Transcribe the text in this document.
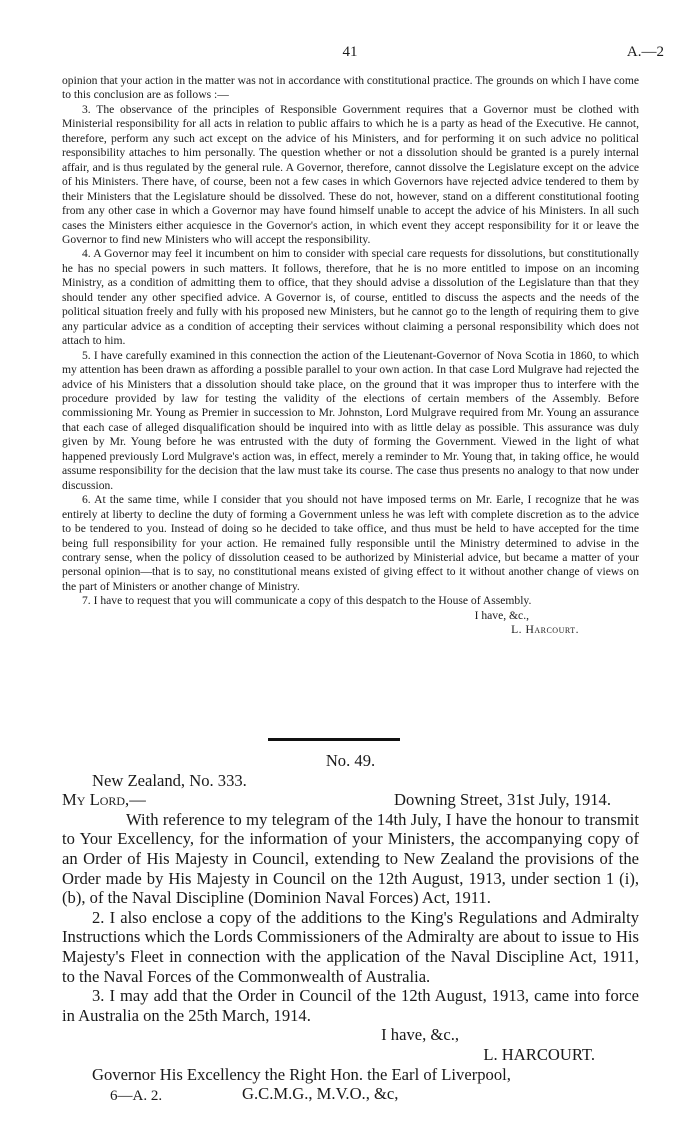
41	A.—2

opinion that your action in the matter was not in accordance with constitutional practice. The grounds on which I have come to this conclusion are as follows :—

3. The observance of the principles of Responsible Government requires that a Governor must be clothed with Ministerial responsibility for all acts in relation to public affairs to which he is a party as head of the Executive. He cannot, therefore, perform any such act except on the advice of his Ministers, and for performing it on such advice no political responsibility attaches to him personally. The question whether or not a dissolution should be granted is a purely internal affair, and is thus regulated by the general rule. A Governor, therefore, cannot dissolve the Legislature except on the advice of his Ministers. There have, of course, been not a few cases in which Governors have rejected advice tendered to them by their Ministers that the Legislature should be dissolved. These do not, however, stand on a different constitutional footing from any other case in which a Governor may have found himself unable to accept the advice of his Ministers. In all such cases the Ministers either acquiesce in the Governor's action, in which event they accept responsibility for it or leave the Governor to find new Ministers who will accept the responsibility.

4. A Governor may feel it incumbent on him to consider with special care requests for dissolutions, but constitutionally he has no special powers in such matters. It follows, therefore, that he is no more entitled to impose on an incoming Ministry, as a condition of admitting them to office, that they should advise a dissolution of the Legislature than that they should tender any other specified advice. A Governor is, of course, entitled to discuss the aspects and the needs of the political situation freely and fully with his proposed new Ministers, but he cannot go to the length of requiring them to give any particular advice as a condition of accepting their services without claiming a personal responsibility which does not attach to him.

5. I have carefully examined in this connection the action of the Lieutenant-Governor of Nova Scotia in 1860, to which my attention has been drawn as affording a possible parallel to your own action. In that case Lord Mulgrave had rejected the advice of his Ministers that a dissolution should take place, on the ground that it was improper thus to interfere with the procedure provided by law for testing the validity of the elections of certain members of the Assembly. Before commissioning Mr. Young as Premier in succession to Mr. Johnston, Lord Mulgrave required from Mr. Young an assurance that each case of alleged disqualification should be inquired into with as little delay as possible. This assurance was duly given by Mr. Young before he was entrusted with the duty of forming the Government. Viewed in the light of what happened previously Lord Mulgrave's action was, in effect, merely a reminder to Mr. Young that, in taking office, he would assume responsibility for the decision that the law must take its course. The case thus presents no analogy to that now under discussion.

6. At the same time, while I consider that you should not have imposed terms on Mr. Earle, I recognize that he was entirely at liberty to decline the duty of forming a Government unless he was left with complete discretion as to the advice to be tendered to you. Instead of doing so he decided to take office, and thus must be held to have accepted for the time being full responsibility for your action. He remained fully responsible until the Ministry determined to advise in the contrary sense, when the policy of dissolution ceased to be authorized by Ministerial advice, but became a matter of your personal opinion—that is to say, no constitutional means existed of giving effect to it without another change of views on the part of Ministers or another change of Ministry.

7. I have to request that you will communicate a copy of this despatch to the House of Assembly.

I have, &c.,
L. Harcourt.

No. 49.

New Zealand, No. 333.

My Lord,—	Downing Street, 31st July, 1914.

With reference to my telegram of the 14th July, I have the honour to transmit to Your Excellency, for the information of your Ministers, the accompanying copy of an Order of His Majesty in Council, extending to New Zealand the provisions of the Order made by His Majesty in Council on the 12th August, 1913, under section 1 (i), (b), of the Naval Discipline (Dominion Naval Forces) Act, 1911.

2. I also enclose a copy of the additions to the King's Regulations and Admiralty Instructions which the Lords Commissioners of the Admiralty are about to issue to His Majesty's Fleet in connection with the application of the Naval Discipline Act, 1911, to the Naval Forces of the Commonwealth of Australia.

3. I may add that the Order in Council of the 12th August, 1913, came into force in Australia on the 25th March, 1914.

I have, &c.,
L. HARCOURT.
Governor His Excellency the Right Hon. the Earl of Liverpool,
G.C.M.G., M.V.O., &c,
6—A. 2.
